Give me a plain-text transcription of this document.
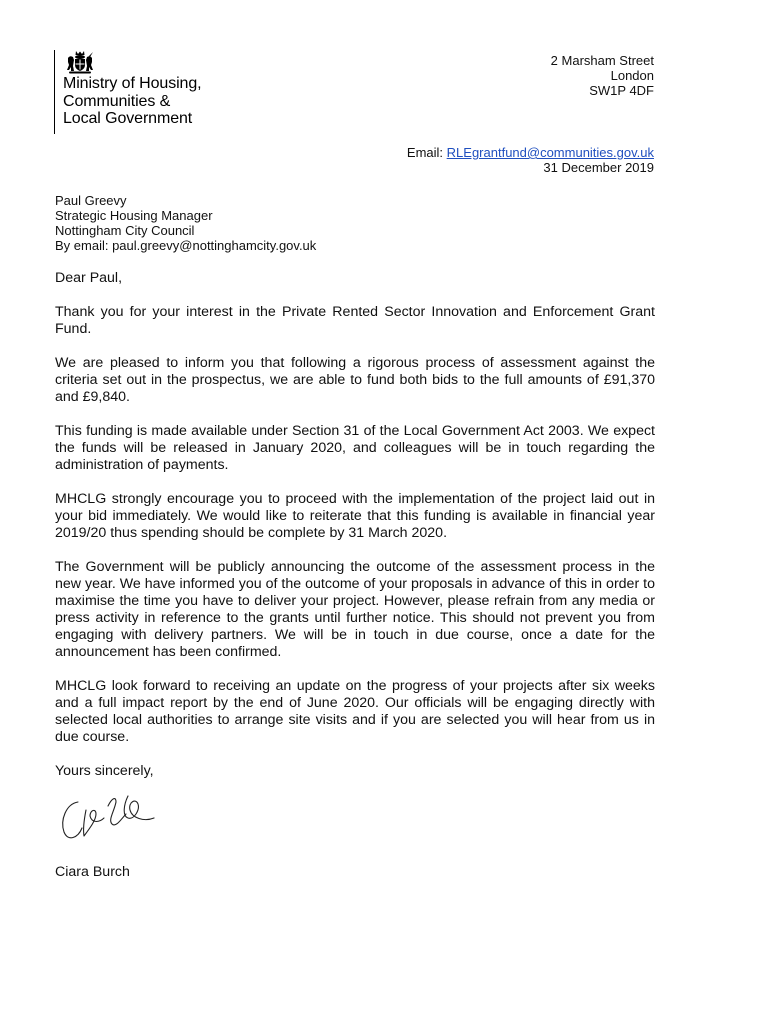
Ministry of Housing,
Communities &
Local Government
2 Marsham Street
London
SW1P 4DF
Email: RLEgrantfund@communities.gov.uk
31 December 2019
Paul Greevy
Strategic Housing Manager
Nottingham City Council
By email: paul.greevy@nottinghamcity.gov.uk

Dear Paul,

Thank you for your interest in the Private Rented Sector Innovation and Enforcement Grant Fund.

We are pleased to inform you that following a rigorous process of assessment against the criteria set out in the prospectus, we are able to fund both bids to the full amounts of £91,370 and £9,840.

This funding is made available under Section 31 of the Local Government Act 2003. We expect the funds will be released in January 2020, and colleagues will be in touch regarding the administration of payments.

MHCLG strongly encourage you to proceed with the implementation of the project laid out in your bid immediately. We would like to reiterate that this funding is available in financial year 2019/20 thus spending should be complete by 31 March 2020.

The Government will be publicly announcing the outcome of the assessment process in the new year. We have informed you of the outcome of your proposals in advance of this in order to maximise the time you have to deliver your project. However, please refrain from any media or press activity in reference to the grants until further notice. This should not prevent you from engaging with delivery partners. We will be in touch in due course, once a date for the announcement has been confirmed.

MHCLG look forward to receiving an update on the progress of your projects after six weeks and a full impact report by the end of June 2020. Our officials will be engaging directly with selected local authorities to arrange site visits and if you are selected you will hear from us in due course.

Yours sincerely,

Ciara Burch
